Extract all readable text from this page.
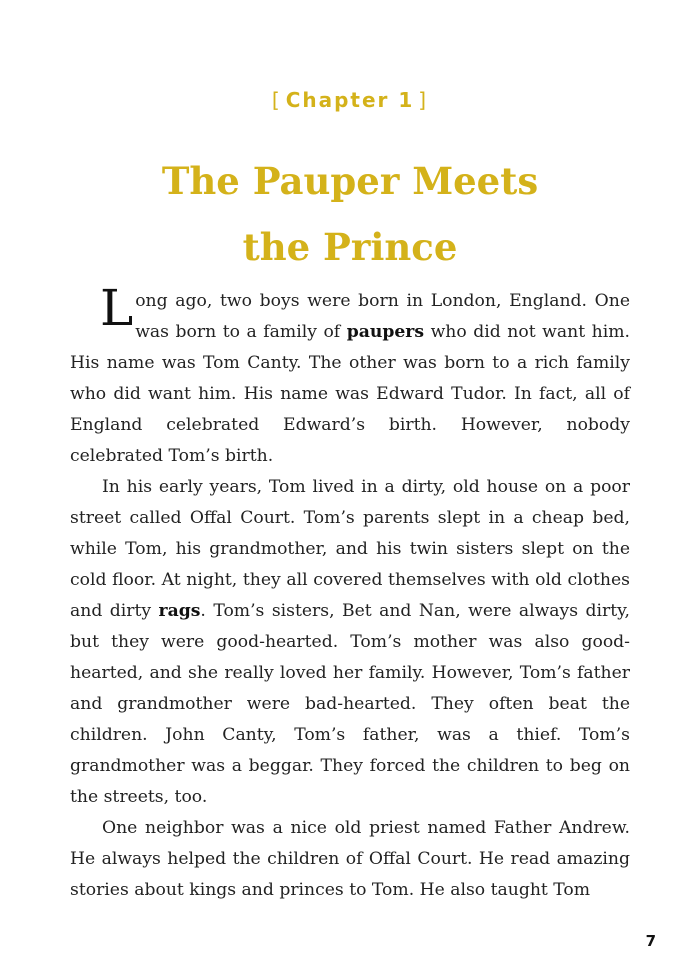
[ Chapter 1 ]
The Pauper Meets
the Prince

Long ago, two boys were born in London, England. One was born to a family of paupers who did not want him. His name was Tom Canty. The other was born to a rich family who did want him. His name was Edward Tudor. In fact, all of England celebrated Edward’s birth. However, nobody celebrated Tom’s birth.

In his early years, Tom lived in a dirty, old house on a poor street called Offal Court. Tom’s parents slept in a cheap bed, while Tom, his grandmother, and his twin sisters slept on the cold floor. At night, they all covered themselves with old clothes and dirty rags. Tom’s sisters, Bet and Nan, were always dirty, but they were good-hearted. Tom’s mother was also good-hearted, and she really loved her family. However, Tom’s father and grandmother were bad-hearted. They often beat the children. John Canty, Tom’s father, was a thief. Tom’s grandmother was a beggar. They forced the children to beg on the streets, too.

One neighbor was a nice old priest named Father Andrew. He always helped the children of Offal Court. He read amazing stories about kings and princes to Tom. He also taught Tom

7
